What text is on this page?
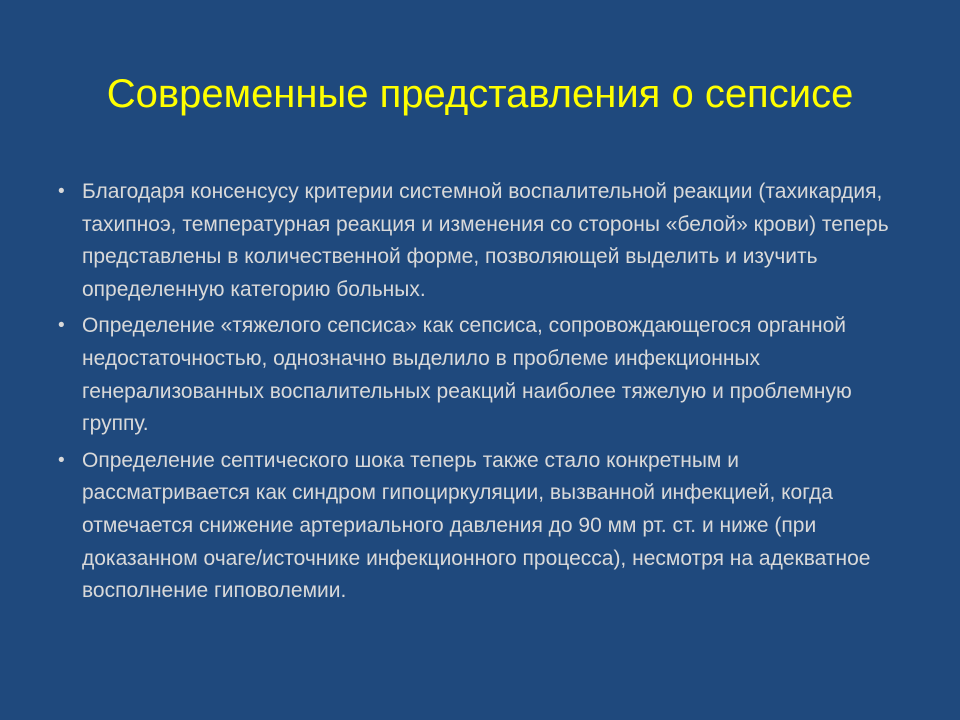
Современные представления о сепсисе
• Благодаря консенсусу критерии системной воспалительной реакции (тахикардия, тахипноэ, температурная реакция и изменения со стороны «белой» крови) теперь представлены в количественной форме, позволяющей выделить и изучить определенную категорию больных.
• Определение «тяжелого сепсиса» как сепсиса, сопровождающегося органной недостаточностью, однозначно выделило в проблеме инфекционных генерализованных воспалительных реакций наиболее тяжелую и проблемную группу.
• Определение септического шока теперь также стало конкретным и рассматривается как синдром гипоциркуляции, вызванной инфекцией, когда отмечается снижение артериального давления до 90 мм рт. ст. и ниже (при доказанном очаге/источнике инфекционного процесса), несмотря на адекватное восполнение гиповолемии.
